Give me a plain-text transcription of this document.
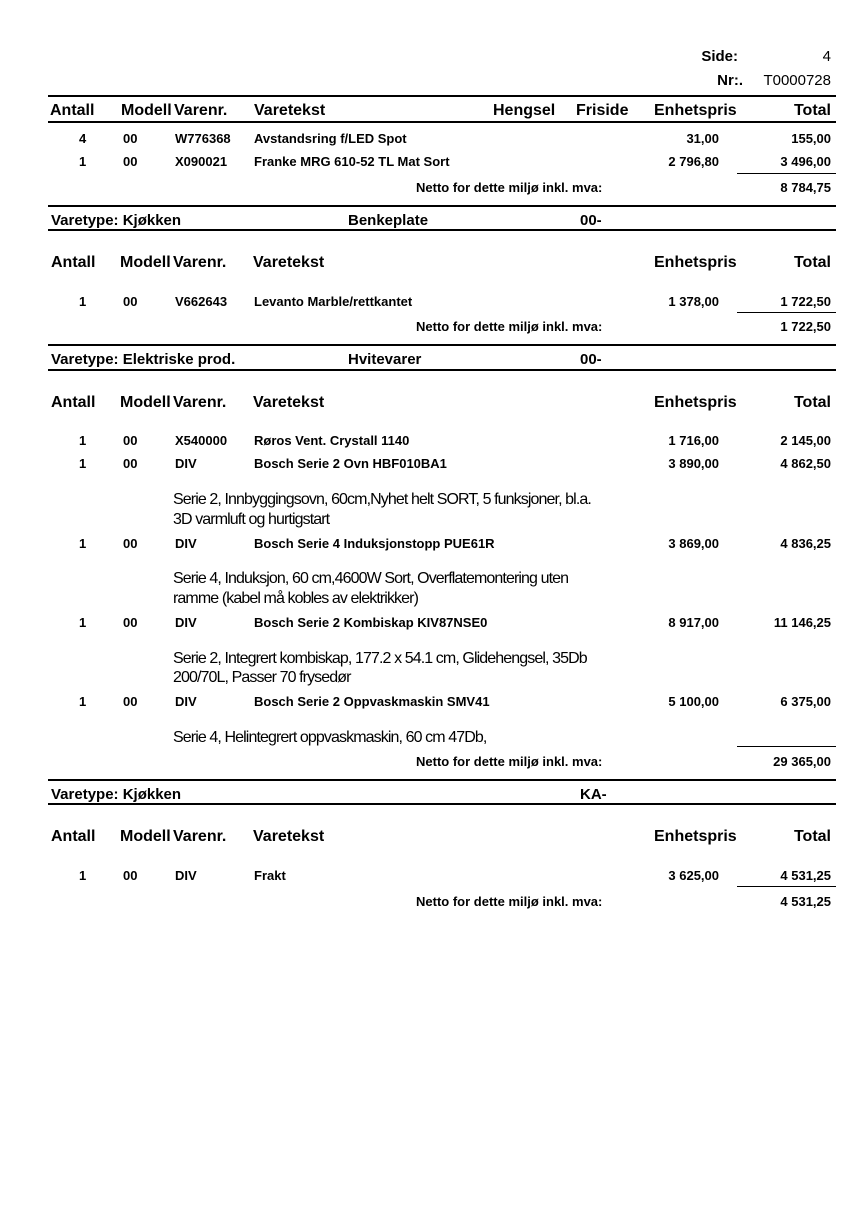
Side:	4
Nr:. T0000728
Antall Modell Varenr. Varetekst	Hengsel Friside Enhetspris	Total
4	00	W776368 Avstandsring f/LED Spot	31,00	155,00
1	00	X090021 Franke MRG 610-52 TL Mat Sort	2 796,80	3 496,00
Netto for dette miljø inkl. mva:	8 784,75
Varetype: Kjøkken	Benkeplate	00-
Antall Modell Varenr. Varetekst	Enhetspris	Total
1	00	V662643 Levanto Marble/rettkantet	1 378,00	1 722,50
Netto for dette miljø inkl. mva:	1 722,50
Varetype: Elektriske prod.	Hvitevarer	00-
Antall Modell Varenr. Varetekst	Enhetspris	Total
1	00	X540000 Røros Vent. Crystall 1140	1 716,00	2 145,00
1	00	DIV	Bosch Serie 2 Ovn HBF010BA1	3 890,00	4 862,50
Serie 2, Innbyggingsovn, 60cm,Nyhet helt SORT, 5 funksjoner, bl.a.
3D varmluft og hurtigstart
1	00	DIV	Bosch Serie 4 Induksjonstopp PUE61R	3 869,00	4 836,25
Serie 4, Induksjon, 60 cm,4600W Sort, Overflatemontering uten
ramme (kabel må kobles av elektrikker)
1	00	DIV	Bosch Serie 2 Kombiskap KIV87NSE0	8 917,00	11 146,25
Serie 2, Integrert kombiskap, 177.2 x 54.1 cm, Glidehengsel, 35Db
200/70L, Passer 70 frysedør
1	00	DIV	Bosch Serie 2 Oppvaskmaskin SMV41	5 100,00	6 375,00
Serie 4, Helintegrert oppvaskmaskin, 60 cm 47Db,
Netto for dette miljø inkl. mva:	29 365,00
Varetype: Kjøkken	KA-
Antall Modell Varenr. Varetekst	Enhetspris	Total
1	00	DIV	Frakt	3 625,00	4 531,25
Netto for dette miljø inkl. mva:	4 531,25
